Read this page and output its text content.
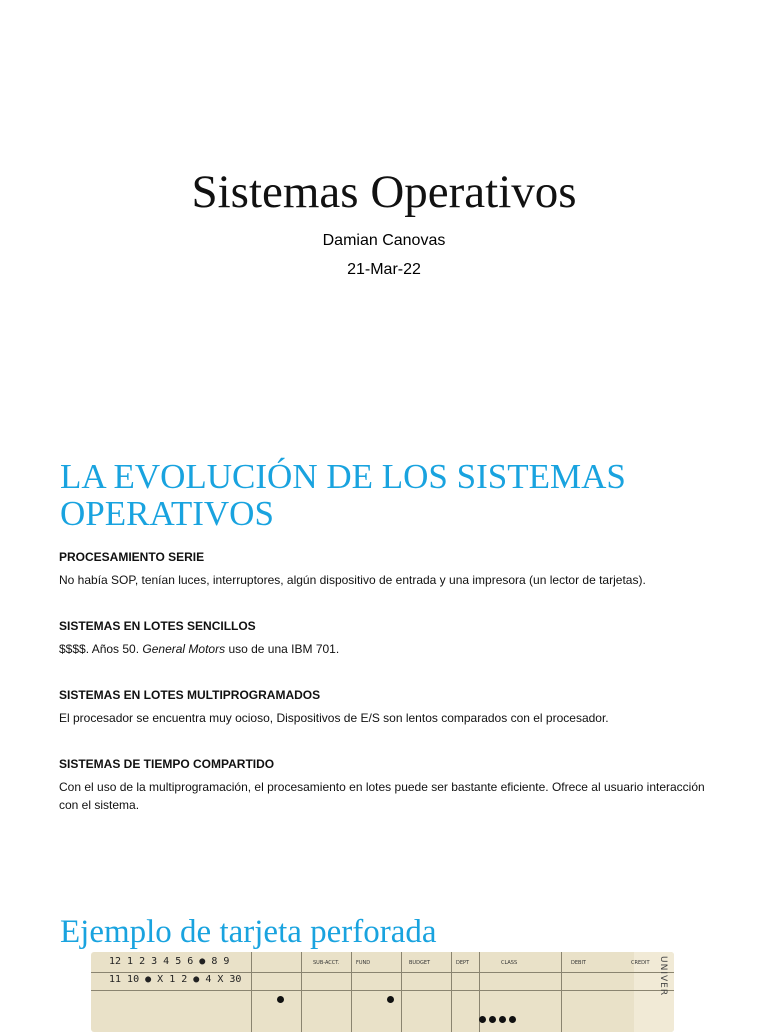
Sistemas Operativos
Damian Canovas
21-Mar-22
LA EVOLUCIÓN DE LOS SISTEMAS
OPERATIVOS
PROCESAMIENTO SERIE
No había SOP, tenían luces, interruptores, algún dispositivo de entrada y una impresora (un lector de tarjetas).
SISTEMAS EN LOTES SENCILLOS
$$$$. Años 50. General Motors uso de una IBM 701.
SISTEMAS EN LOTES MULTIPROGRAMADOS
El procesador se encuentra muy ocioso, Dispositivos de E/S son lentos comparados con el procesador.
SISTEMAS DE TIEMPO COMPARTIDO
Con el uso de la multiprogramación, el procesamiento en lotes puede ser bastante eficiente. Ofrece al usuario interacción con el sistema.
Ejemplo de tarjeta perforada
12 1 2 3 4 5 6 ● 8 9
11 10 ● X 1 2 ● 4 X 30
SUB-ACCT.	FUND	BUDGET	DEPT	CLASS	DEBIT	CREDIT UNIVER
